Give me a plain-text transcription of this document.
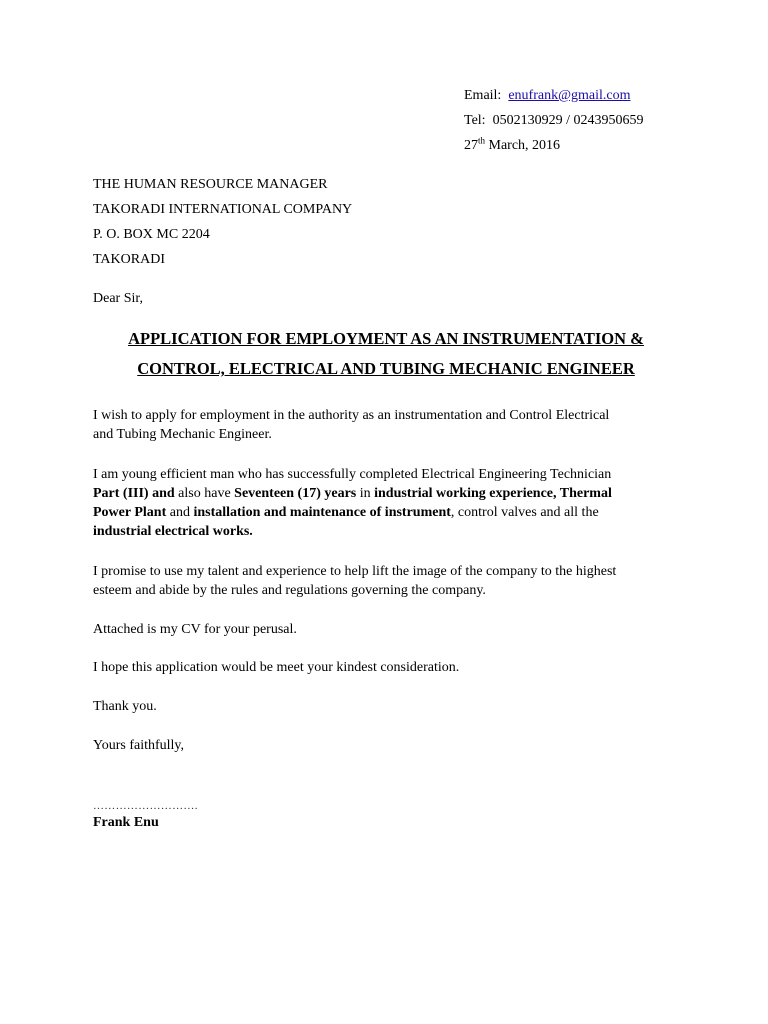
Email: enufrank@gmail.com
Tel: 0502130929 / 0243950659
27th March, 2016
THE HUMAN RESOURCE MANAGER
TAKORADI INTERNATIONAL COMPANY
P. O. BOX MC 2204
TAKORADI
Dear Sir,
APPLICATION FOR EMPLOYMENT AS AN INSTRUMENTATION &
CONTROL, ELECTRICAL AND TUBING MECHANIC ENGINEER
I wish to apply for employment in the authority as an instrumentation and Control Electrical
and Tubing Mechanic Engineer.
I am young efficient man who has successfully completed Electrical Engineering Technician
Part (III) and also have Seventeen (17) years in industrial working experience, Thermal
Power Plant and installation and maintenance of instrument, control valves and all the
industrial electrical works.
I promise to use my talent and experience to help lift the image of the company to the highest
esteem and abide by the rules and regulations governing the company.
Attached is my CV for your perusal.
I hope this application would be meet your kindest consideration.
Thank you.
Yours faithfully,
……………………….
Frank Enu
